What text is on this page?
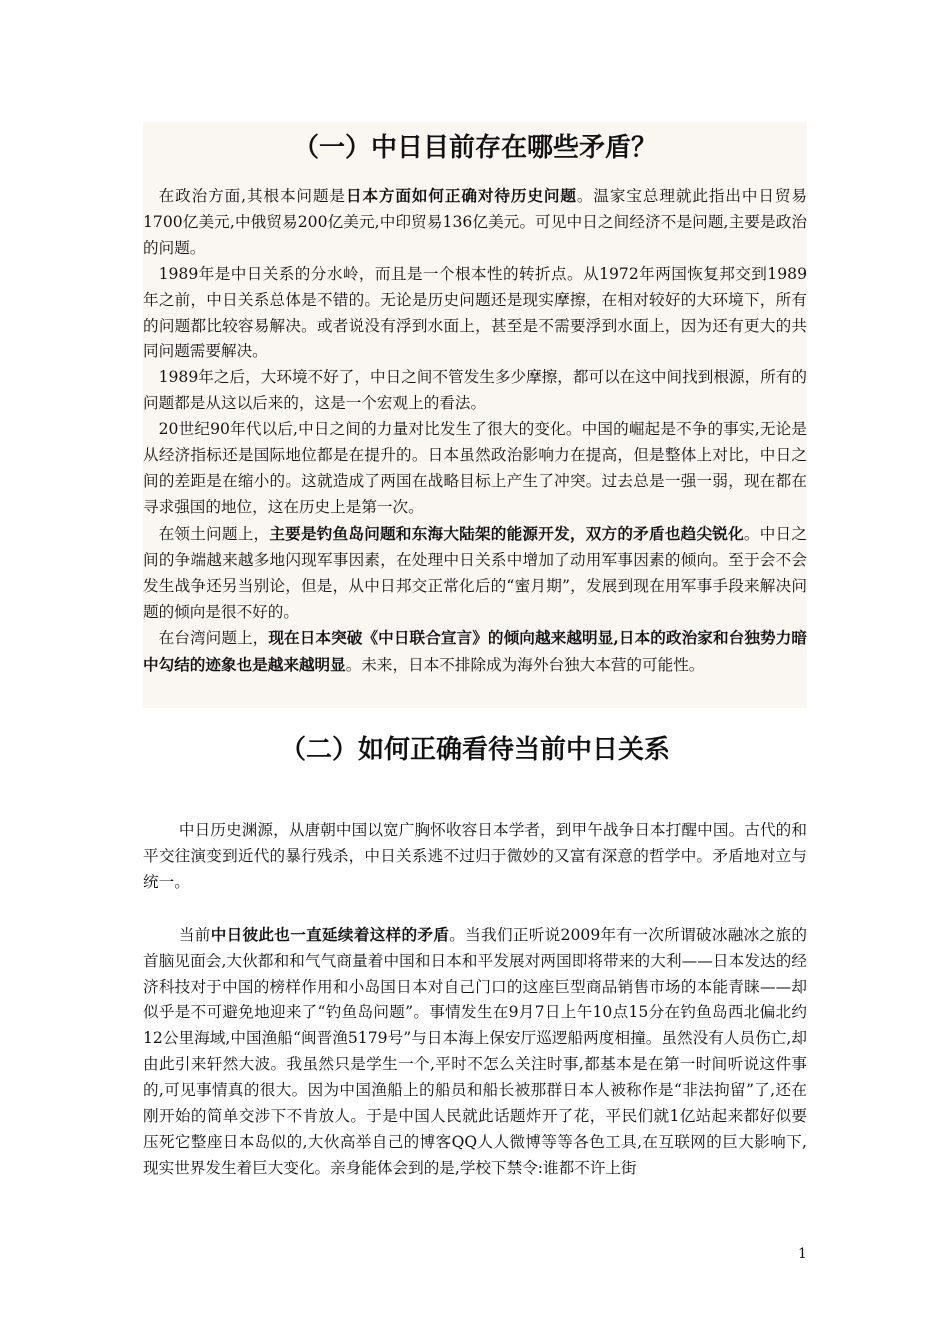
（一）中日目前存在哪些矛盾？

在政治方面,其根本问题是日本方面如何正确对待历史问题。温家宝总理就此指出中日贸易1700亿美元,中俄贸易200亿美元,中印贸易136亿美元。可见中日之间经济不是问题,主要是政治的问题。

1989年是中日关系的分水岭，而且是一个根本性的转折点。从1972年两国恢复邦交到1989年之前，中日关系总体是不错的。无论是历史问题还是现实摩擦，在相对较好的大环境下，所有的问题都比较容易解决。或者说没有浮到水面上，甚至是不需要浮到水面上，因为还有更大的共同问题需要解决。

1989年之后，大环境不好了，中日之间不管发生多少摩擦，都可以在这中间找到根源，所有的问题都是从这以后来的，这是一个宏观上的看法。

20世纪90年代以后,中日之间的力量对比发生了很大的变化。中国的崛起是不争的事实,无论是从经济指标还是国际地位都是在提升的。日本虽然政治影响力在提高，但是整体上对比，中日之间的差距是在缩小的。这就造成了两国在战略目标上产生了冲突。过去总是一强一弱，现在都在寻求强国的地位，这在历史上是第一次。

在领土问题上，主要是钓鱼岛问题和东海大陆架的能源开发，双方的矛盾也趋尖锐化。中日之间的争端越来越多地闪现军事因素，在处理中日关系中增加了动用军事因素的倾向。至于会不会发生战争还另当别论，但是，从中日邦交正常化后的“蜜月期”，发展到现在用军事手段来解决问题的倾向是很不好的。

在台湾问题上，现在日本突破《中日联合宣言》的倾向越来越明显,日本的政治家和台独势力暗中勾结的迹象也是越来越明显。未来，日本不排除成为海外台独大本营的可能性。

（二）如何正确看待当前中日关系

中日历史渊源，从唐朝中国以宽广胸怀收容日本学者，到甲午战争日本打醒中国。古代的和平交往演变到近代的暴行残杀，中日关系逃不过归于微妙的又富有深意的哲学中。矛盾地对立与统一。

当前中日彼此也一直延续着这样的矛盾。当我们正听说2009年有一次所谓破冰融冰之旅的首脑见面会,大伙都和和气气商量着中国和日本和平发展对两国即将带来的大利——日本发达的经济科技对于中国的榜样作用和小岛国日本对自己门口的这座巨型商品销售市场的本能青睐——却似乎是不可避免地迎来了“钓鱼岛问题”。事情发生在9月7日上午10点15分在钓鱼岛西北偏北约12公里海域,中国渔船“闽晋渔5179号”与日本海上保安厅巡逻船两度相撞。虽然没有人员伤亡,却由此引来轩然大波。我虽然只是学生一个,平时不怎么关注时事,都基本是在第一时间听说这件事的,可见事情真的很大。因为中国渔船上的船员和船长被那群日本人被称作是“非法拘留”了,还在刚开始的简单交涉下不肯放人。于是中国人民就此话题炸开了花，平民们就1亿站起来都好似要压死它整座日本岛似的,大伙高举自己的博客QQ人人微博等等各色工具,在互联网的巨大影响下,现实世界发生着巨大变化。亲身能体会到的是,学校下禁令:谁都不许上街

1
